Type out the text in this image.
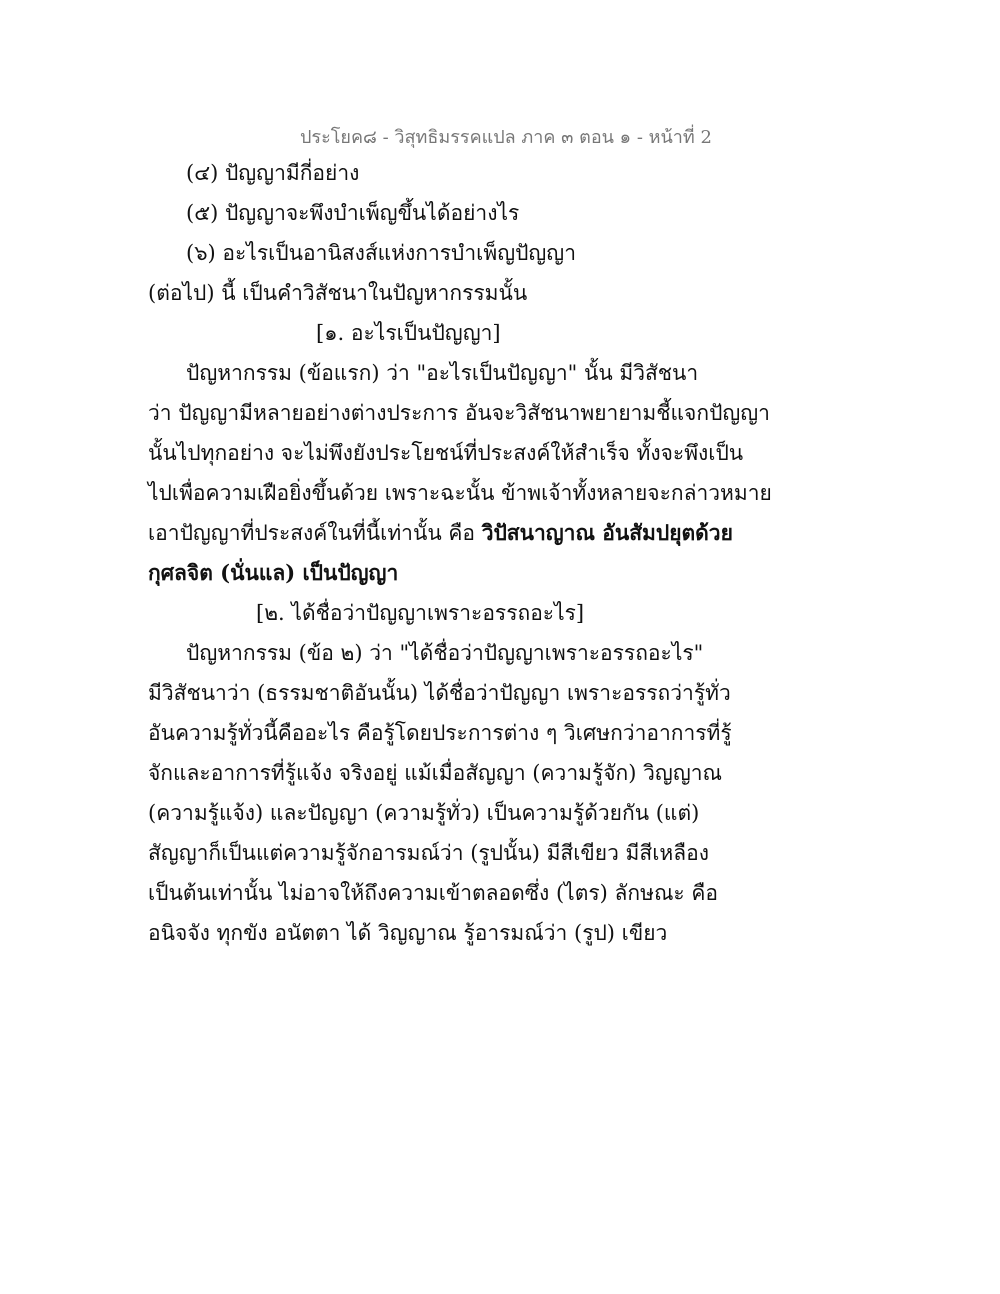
ประโยค๘ - วิสุทธิมรรคแปล ภาค ๓ ตอน ๑ - หน้าที่ 2
(๔) ปัญญามีกี่อย่าง
(๕) ปัญญาจะพึงบำเพ็ญขึ้นได้อย่างไร
(๖) อะไรเป็นอานิสงส์แห่งการบำเพ็ญปัญญา
(ต่อไป) นี้ เป็นคำวิสัชนาในปัญหากรรมนั้น
[๑. อะไรเป็นปัญญา]
ปัญหากรรม (ข้อแรก) ว่า "อะไรเป็นปัญญา" นั้น มีวิสัชนา
ว่า ปัญญามีหลายอย่างต่างประการ อันจะวิสัชนาพยายามชี้แจกปัญญา
นั้นไปทุกอย่าง จะไม่พึงยังประโยชน์ที่ประสงค์ให้สำเร็จ ทั้งจะพึงเป็น
ไปเพื่อความเฝือยิ่งขึ้นด้วย เพราะฉะนั้น ข้าพเจ้าทั้งหลายจะกล่าวหมาย
เอาปัญญาที่ประสงค์ในที่นี้เท่านั้น คือ วิปัสนาญาณ อันสัมปยุตด้วย
กุศลจิต (นั่นแล) เป็นปัญญา
[๒. ได้ชื่อว่าปัญญาเพราะอรรถอะไร]
ปัญหากรรม (ข้อ ๒) ว่า "ได้ชื่อว่าปัญญาเพราะอรรถอะไร"
มีวิสัชนาว่า (ธรรมชาติอันนั้น) ได้ชื่อว่าปัญญา เพราะอรรถว่ารู้ทั่ว
อันความรู้ทั่วนี้คืออะไร คือรู้โดยประการต่าง ๆ วิเศษกว่าอาการที่รู้
จักและอาการที่รู้แจ้ง จริงอยู่ แม้เมื่อสัญญา (ความรู้จัก) วิญญาณ
(ความรู้แจ้ง) และปัญญา (ความรู้ทั่ว) เป็นความรู้ด้วยกัน (แต่)
สัญญาก็เป็นแต่ความรู้จักอารมณ์ว่า (รูปนั้น) มีสีเขียว มีสีเหลือง
เป็นต้นเท่านั้น ไม่อาจให้ถึงความเข้าตลอดซึ่ง (ไตร) ลักษณะ คือ
อนิจจัง ทุกขัง อนัตตา ได้ วิญญาณ รู้อารมณ์ว่า (รูป) เขียว
